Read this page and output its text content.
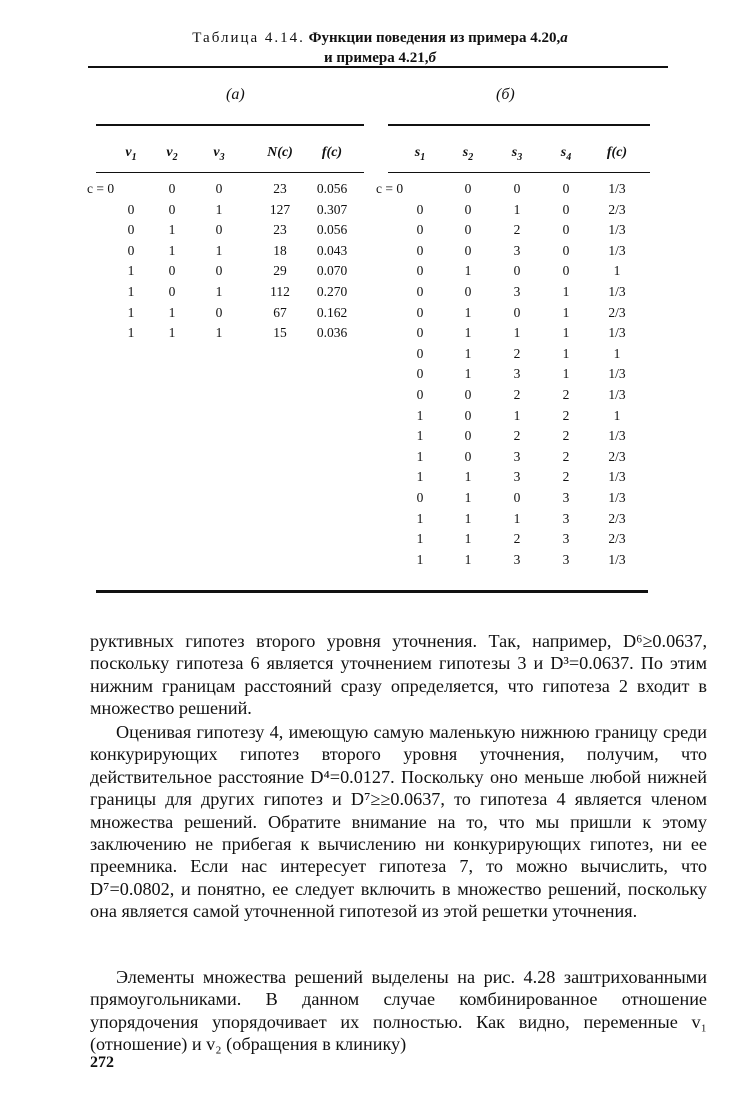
Таблица 4.14. Функции поведения из примера 4.20,а
и примера 4.21,б
(а)	(б)
$v_1$	$v_2$	$v_3$	N(c)	f(c)
c = 0	0	0	23	0.056
0	0	1	127	0.307
0	1	0	23	0.056
0	1	1	18	0.043
1	0	0	29	0.070
1	0	1	112	0.270
1	1	0	67	0.162
1	1	1	15	0.036
$s_1$	$s_2$	$s_3$	$s_4$	f(c)
c = 0	0	0	0	1/3
0	0	1	0	2/3
0	0	2	0	1/3
0	0	3	0	1/3
0	1	0	0	1
0	0	3	1	1/3
0	1	0	1	2/3
0	1	1	1	1/3
0	1	2	1	1
0	1	3	1	1/3
0	0	2	2	1/3
1	0	1	2	1
1	0	2	2	1/3
1	0	3	2	2/3
1	1	3	2	1/3
0	1	0	3	1/3
1	1	1	3	2/3
1	1	2	3	2/3
1	1	3	3	1/3

руктивных гипотез второго уровня уточнения. Так, например, D⁶≥0.0637, поскольку гипотеза 6 является уточнением гипотезы 3 и D³=0.0637. По этим нижним границам расстояний сразу определяется, что гипотеза 2 входит в множество решений.

Оценивая гипотезу 4, имеющую самую маленькую нижнюю границу среди конкурирующих гипотез второго уровня уточнения, получим, что действительное расстояние D⁴=0.0127. Поскольку оно меньше любой нижней границы для других гипотез и D⁷≥≥0.0637, то гипотеза 4 является членом множества решений. Обратите внимание на то, что мы пришли к этому заключению не прибегая к вычислению ни конкурирующих гипотез, ни ее преемника. Если нас интересует гипотеза 7, то можно вычислить, что D⁷=0.0802, и понятно, ее следует включить в множество решений, поскольку она является самой уточненной гипотезой из этой решетки уточнения.

Элементы множества решений выделены на рис. 4.28 заштрихованными прямоугольниками. В данном случае комбинированное отношение упорядочения упорядочивает их полностью. Как видно, переменные v₁ (отношение) и v₂ (обращения в клинику)

272
